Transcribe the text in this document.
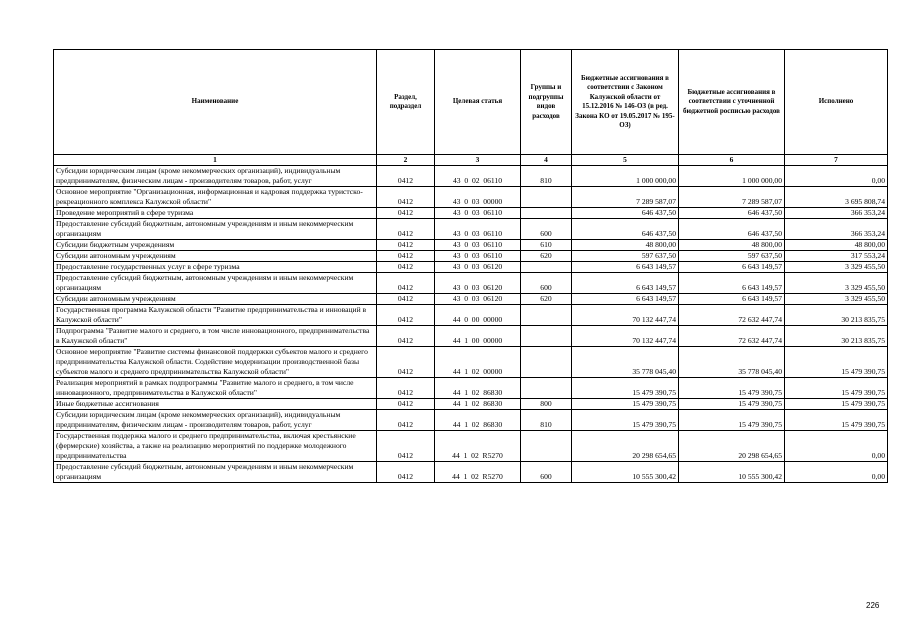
Наименование	Раздел, подраздел	Целевая статья	Группы и подгруппы видов расходов	Бюджетные ассигнования в соответствии с Законом Калужской области от 15.12.2016 № 146-ОЗ (в ред. Закона КО от 19.05.2017 № 195-ОЗ)	Бюджетные ассигнования в соответствии с уточненной бюджетной росписью расходов	Исполнено
1	2	3	4	5	6	7
Субсидии юридическим лицам (кроме некоммерческих организаций), индивидуальным предпринимателям, физическим лицам - производителям товаров, работ, услуг	0412	43  0  02  06110	810	1 000 000,00	1 000 000,00	0,00
Основное мероприятие "Организационная, информационная и кадровая поддержка туристско-рекреационного комплекса Калужской области"	0412	43  0  03  00000		7 289 587,07	7 289 587,07	3 695 808,74
Проведение мероприятий в сфере туризма	0412	43  0  03  06110		646 437,50	646 437,50	366 353,24
Предоставление субсидий бюджетным, автономным учреждениям и иным некоммерческим организациям	0412	43  0  03  06110	600	646 437,50	646 437,50	366 353,24
Субсидии бюджетным учреждениям	0412	43  0  03  06110	610	48 800,00	48 800,00	48 800,00
Субсидии автономным учреждениям	0412	43  0  03  06110	620	597 637,50	597 637,50	317 553,24
Предоставление государственных услуг в сфере туризма	0412	43  0  03  06120		6 643 149,57	6 643 149,57	3 329 455,50
Предоставление субсидий бюджетным, автономным учреждениям и иным некоммерческим организациям	0412	43  0  03  06120	600	6 643 149,57	6 643 149,57	3 329 455,50
Субсидии автономным учреждениям	0412	43  0  03  06120	620	6 643 149,57	6 643 149,57	3 329 455,50
Государственная программа Калужской области "Развитие предпринимательства и инноваций в Калужской области"	0412	44  0  00  00000		70 132 447,74	72 632 447,74	30 213 835,75
Подпрограмма "Развитие малого и среднего, в том числе инновационного, предпринимательства в Калужской области"	0412	44  1  00  00000		70 132 447,74	72 632 447,74	30 213 835,75
Основное мероприятие "Развитие системы финансовой поддержки субъектов малого и среднего предпринимательства Калужской области. Содействие модернизации производственной базы субъектов малого и среднего предпринимательства Калужской области"	0412	44  1  02  00000		35 778 045,40	35 778 045,40	15 479 390,75
Реализация мероприятий в рамках подпрограммы "Развитие малого и среднего, в том числе инновационного, предпринимательства в Калужской области"	0412	44  1  02  86830		15 479 390,75	15 479 390,75	15 479 390,75
Иные бюджетные ассигнования	0412	44  1  02  86830	800	15 479 390,75	15 479 390,75	15 479 390,75
Субсидии юридическим лицам (кроме некоммерческих организаций), индивидуальным предпринимателям, физическим лицам - производителям товаров, работ, услуг	0412	44  1  02  86830	810	15 479 390,75	15 479 390,75	15 479 390,75
Государственная поддержка малого и среднего предпринимательства, включая крестьянские (фермерские) хозяйства, а также на реализацию мероприятий по поддержке молодежного предпринимательства	0412	44  1  02  R5270		20 298 654,65	20 298 654,65	0,00
Предоставление субсидий бюджетным, автономным учреждениям и иным некоммерческим организациям	0412	44  1  02  R5270	600	10 555 300,42	10 555 300,42	0,00
226
